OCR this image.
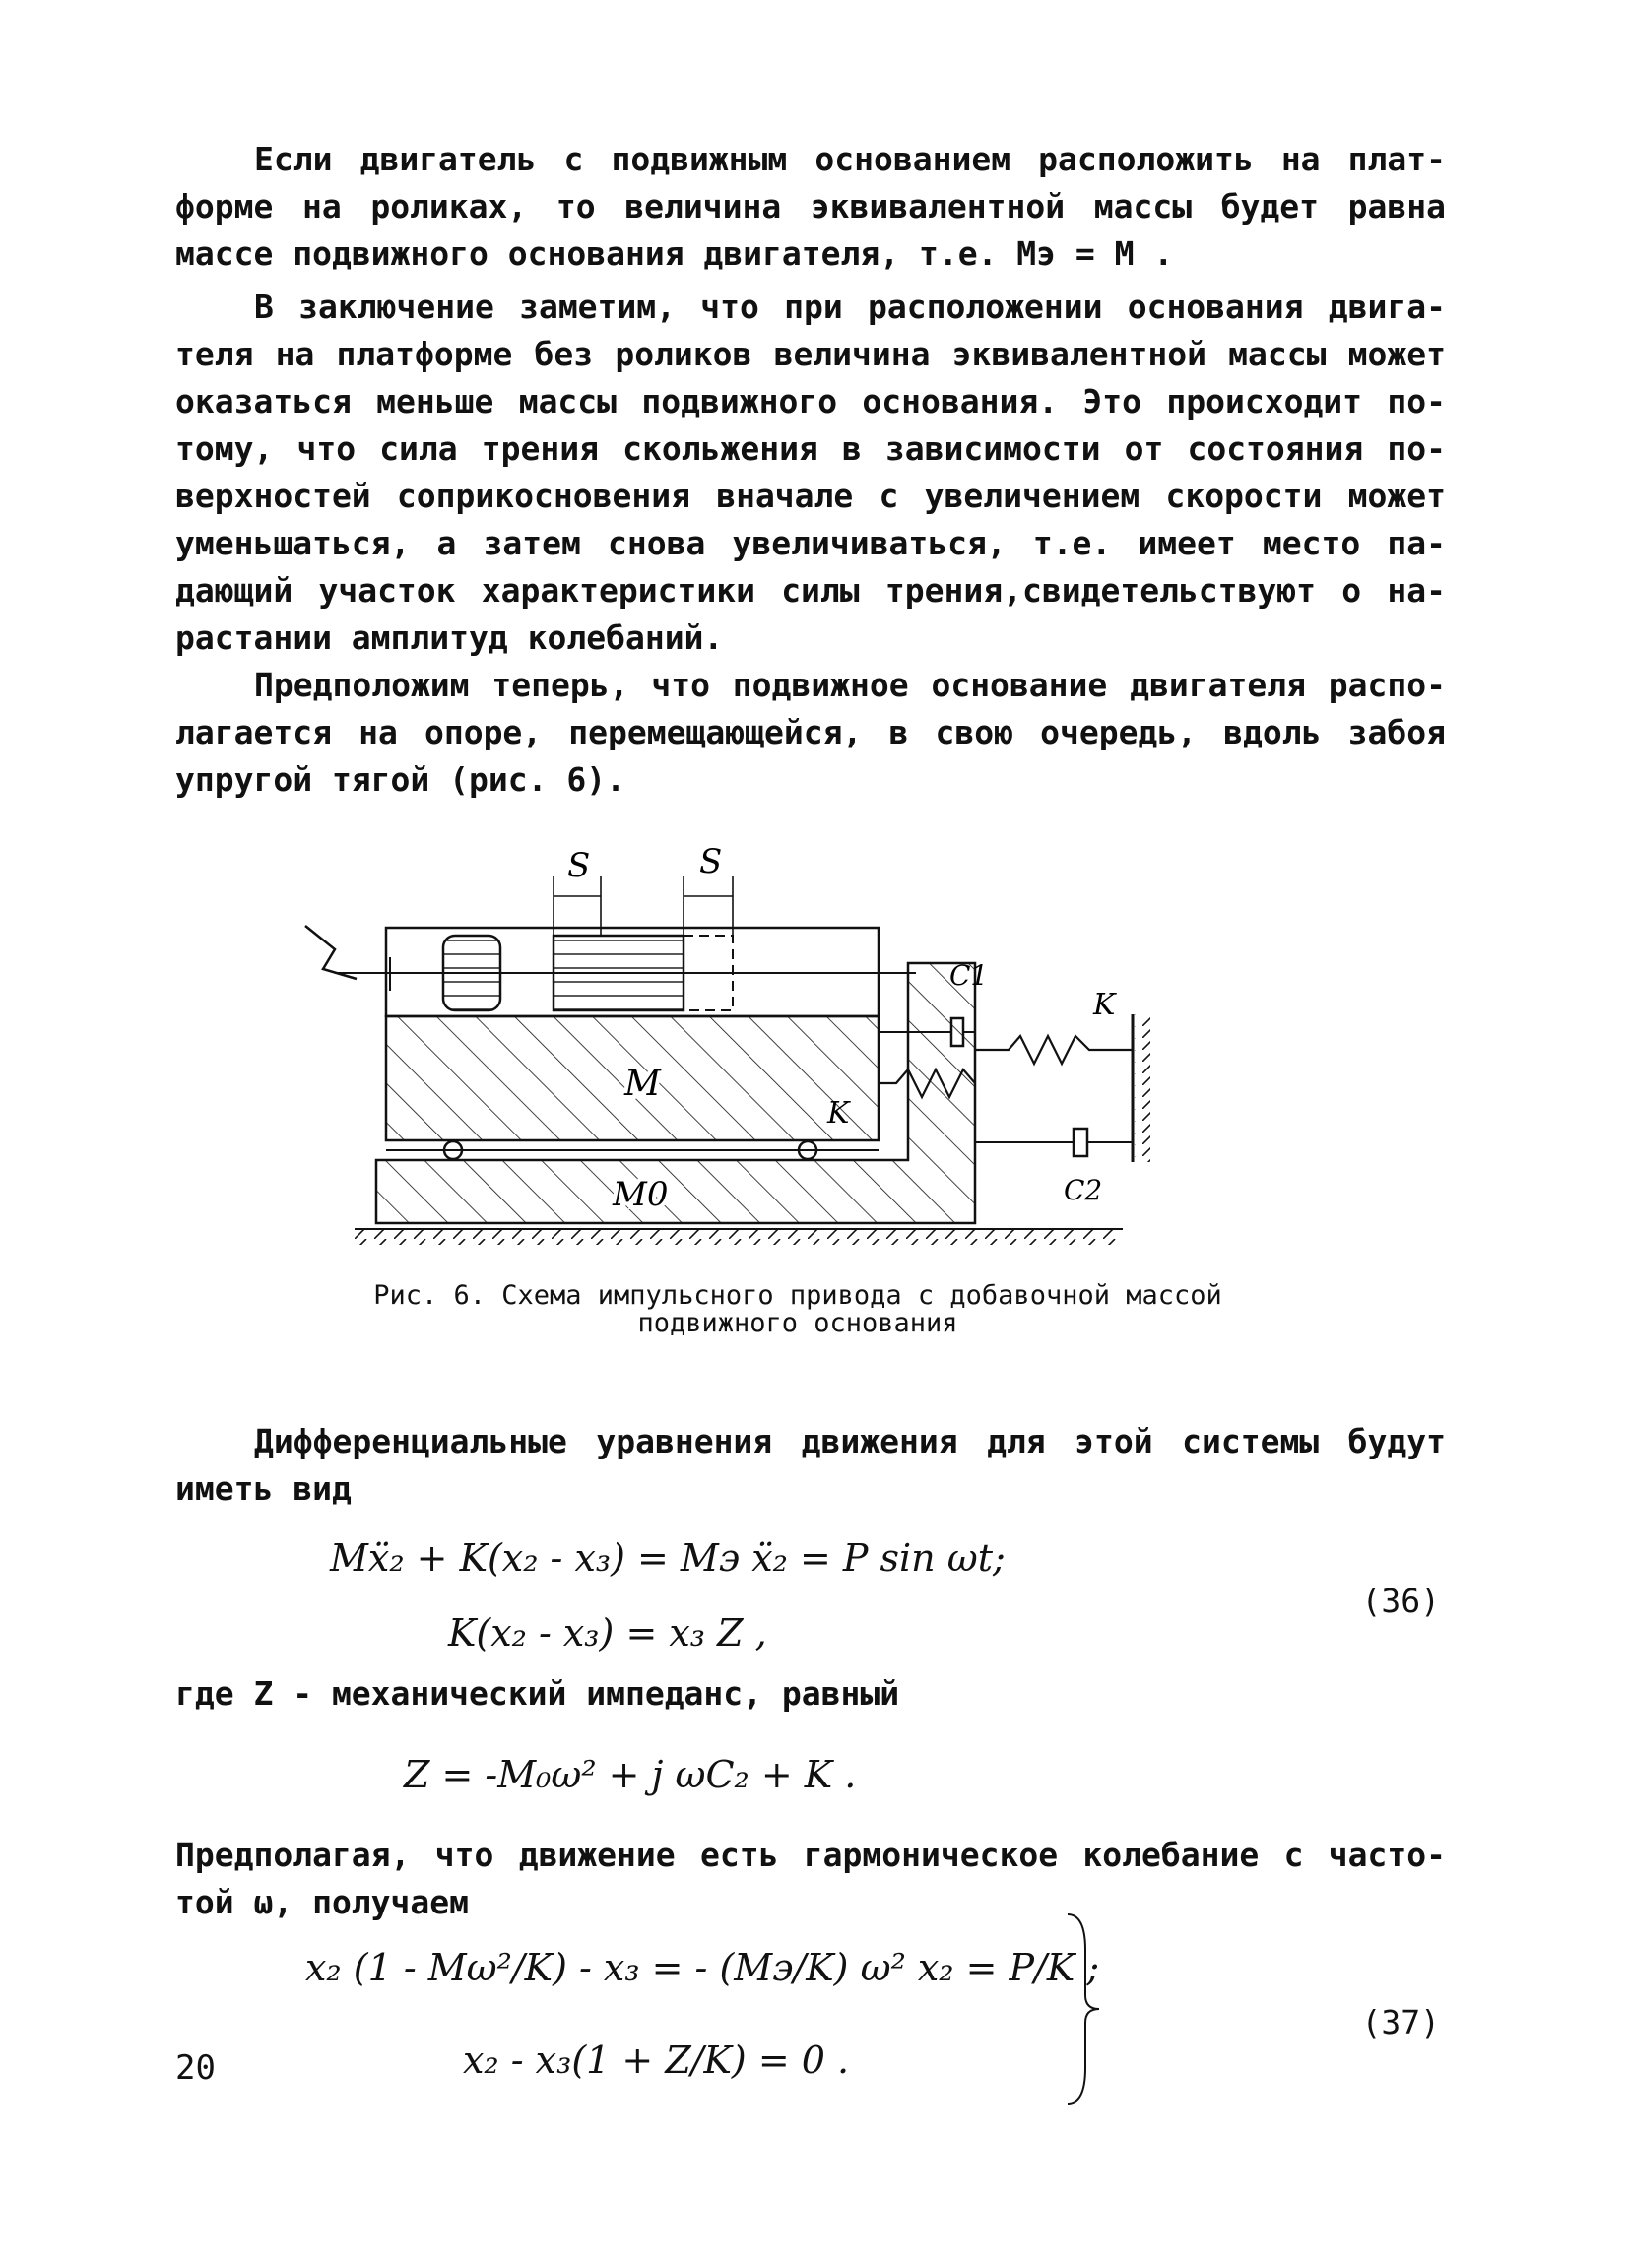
Если двигатель с подвижным основанием расположить на плат-
форме на роликах, то величина эквивалентной массы будет равна
массе подвижного основания двигателя, т.е. Мэ = М .
В заключение заметим, что при расположении основания двига-
теля на платформе без роликов величина эквивалентной массы может
оказаться меньше массы подвижного основания. Это происходит по-
тому, что сила трения скольжения в зависимости от состояния по-
верхностей соприкосновения вначале с увеличением скорости может
уменьшаться, а затем снова увеличиваться, т.е. имеет место па-
дающий участок характеристики силы трения,свидетельствуют о на-
растании амплитуд колебаний.
Предположим теперь, что подвижное основание двигателя распо-
лагается на опоре, перемещающейся, в свою очередь, вдоль забоя
упругой тягой (рис. 6).
S	S
M
M0
C1
K
K
C2
Рис. 6. Схема импульсного привода с добавочной массой
подвижного основания
Дифференциальные уравнения движения для этой системы будут
иметь вид
Mẍ₂ + K(x₂ - x₃) = Mэ ẍ₂ = P sin ωt;
K(x₂ - x₃) = x₃ Z ,
(36)
где Z - механический импеданс, равный
Z = -M₀ω² + j ωC₂ + K .
Предполагая, что движение есть гармоническое колебание с часто-
той ω, получаем
x₂ (1 - Mω²/K) - x₃ = - (Mэ/K) ω² x₂ = P/K ;
x₂ - x₃(1 + Z/K) = 0 .
(37)
20
